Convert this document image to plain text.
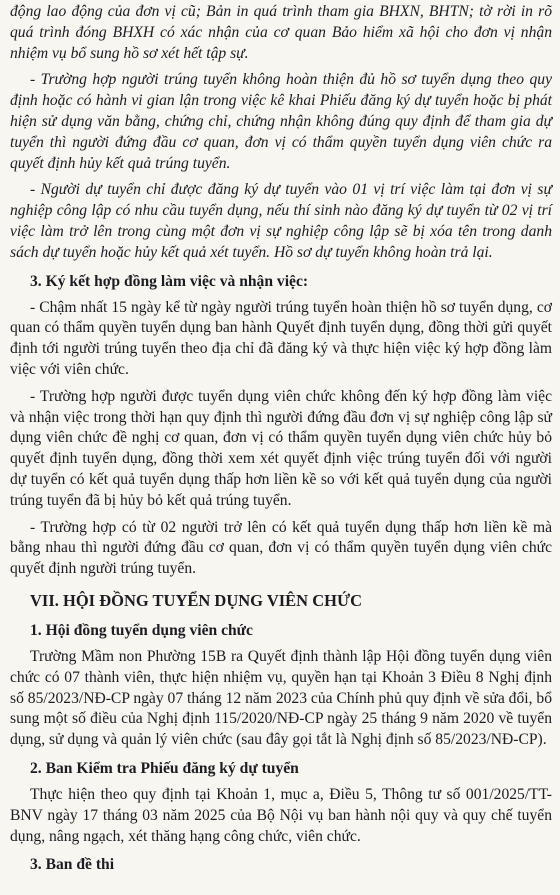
động lao động của đơn vị cũ; Bản in quá trình tham gia BHXN, BHTN; tờ rời in rõ quá trình đóng BHXH có xác nhận của cơ quan Bảo hiểm xã hội cho đơn vị nhận nhiệm vụ bổ sung hồ sơ xét hết tập sự.

- Trường hợp người trúng tuyển không hoàn thiện đủ hồ sơ tuyển dụng theo quy định hoặc có hành vi gian lận trong việc kê khai Phiếu đăng ký dự tuyển hoặc bị phát hiện sử dụng văn bằng, chứng chỉ, chứng nhận không đúng quy định để tham gia dự tuyển thì người đứng đầu cơ quan, đơn vị có thẩm quyền tuyển dụng viên chức ra quyết định hủy kết quả trúng tuyển.

- Người dự tuyển chỉ được đăng ký dự tuyển vào 01 vị trí việc làm tại đơn vị sự nghiệp công lập có nhu cầu tuyển dụng, nếu thí sinh nào đăng ký dự tuyển từ 02 vị trí việc làm trở lên trong cùng một đơn vị sự nghiệp công lập sẽ bị xóa tên trong danh sách dự tuyển hoặc hủy kết quả xét tuyển. Hồ sơ dự tuyển không hoàn trả lại.

3. Ký kết hợp đồng làm việc và nhận việc:

- Chậm nhất 15 ngày kể từ ngày người trúng tuyển hoàn thiện hồ sơ tuyển dụng, cơ quan có thẩm quyền tuyển dụng ban hành Quyết định tuyển dụng, đồng thời gửi quyết định tới người trúng tuyển theo địa chỉ đã đăng ký và thực hiện việc ký hợp đồng làm việc với viên chức.

- Trường hợp người được tuyển dụng viên chức không đến ký hợp đồng làm việc và nhận việc trong thời hạn quy định thì người đứng đầu đơn vị sự nghiệp công lập sử dụng viên chức đề nghị cơ quan, đơn vị có thẩm quyền tuyển dụng viên chức hủy bỏ quyết định tuyển dụng, đồng thời xem xét quyết định việc trúng tuyển đối với người dự tuyển có kết quả tuyển dụng thấp hơn liền kề so với kết quả tuyển dụng của người trúng tuyển đã bị hủy bỏ kết quả trúng tuyển.

- Trường hợp có từ 02 người trở lên có kết quả tuyển dụng thấp hơn liền kề mà bằng nhau thì người đứng đầu cơ quan, đơn vị có thẩm quyền tuyển dụng viên chức quyết định người trúng tuyển.

VII. HỘI ĐỒNG TUYỂN DỤNG VIÊN CHỨC
1. Hội đồng tuyển dụng viên chức

Trường Mầm non Phường 15B ra Quyết định thành lập Hội đồng tuyển dụng viên chức có 07 thành viên, thực hiện nhiệm vụ, quyền hạn tại Khoản 3 Điều 8 Nghị định số 85/2023/NĐ-CP ngày 07 tháng 12 năm 2023 của Chính phủ quy định về sửa đổi, bổ sung một số điều của Nghị định 115/2020/NĐ-CP ngày 25 tháng 9 năm 2020 về tuyển dụng, sử dụng và quản lý viên chức (sau đây gọi tắt là Nghị định số 85/2023/NĐ-CP).

2. Ban Kiểm tra Phiếu đăng ký dự tuyển

Thực hiện theo quy định tại Khoản 1, mục a, Điều 5, Thông tư số 001/2025/TT-BNV ngày 17 tháng 03 năm 2025 của Bộ Nội vụ ban hành nội quy và quy chế tuyển dụng, nâng ngạch, xét thăng hạng công chức, viên chức.

3. Ban đề thi
